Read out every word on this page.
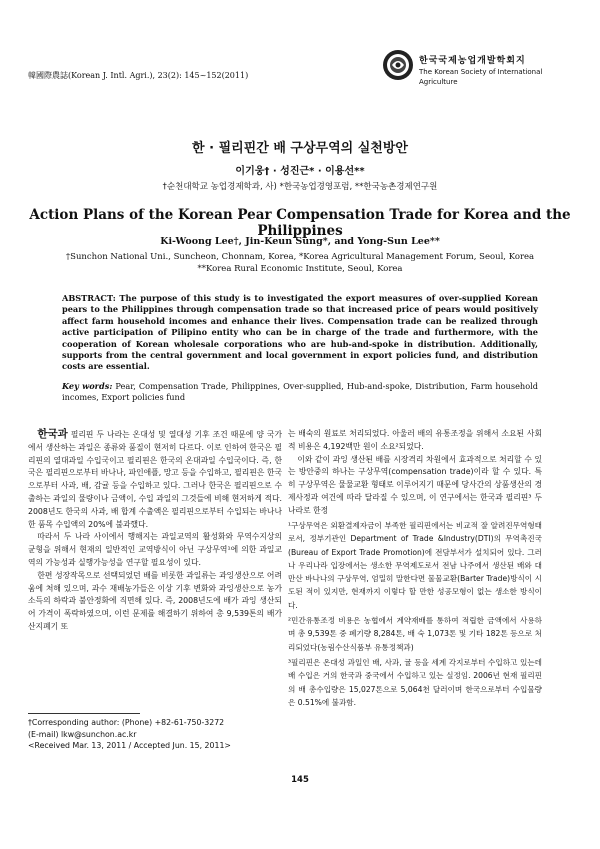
韓國際農誌(Korean J. Intl. Agri.), 23(2): 145~152(2011)
한국국제농업개발학회지
The Korean Society of International
Agriculture
한 · 필리핀간 배 구상무역의 실천방안
이기웅† · 성진근* · 이용선**
†순천대학교 농업경제학과, 사) *한국농업경영포럼, **한국농촌경제연구원
Action Plans of the Korean Pear Compensation Trade for Korea and the Philippines
Ki-Woong Lee†, Jin-Keun Sung*, and Yong-Sun Lee**
†Sunchon National Uni., Suncheon, Chonnam, Korea, *Korea Agricultural Management Forum, Seoul, Korea
**Korea Rural Economic Institute, Seoul, Korea

ABSTRACT: The purpose of this study is to investigated the export measures of over-supplied Korean pears to the Philippines through compensation trade so that increased price of pears would positively affect farm household incomes and enhance their lives. Compensation trade can be realized through active participation of Pilipino entity who can be in charge of the trade and furthermore, with the cooperation of Korean wholesale corporations who are hub-and-spoke in distribution. Additionally, supports from the central government and local government in export policies fund, and distribution costs are essential.

Key words: Pear, Compensation Trade, Philippines, Over-supplied, Hub-and-spoke, Distribution, Farm household incomes, Export policies fund

한국과 필리핀 두 나라는 온대성 및 열대성 기후 조건 때문에 양 국가에서 생산하는 과일은 종류와 품질이 현저히 다르다. 이로 인하여 한국은 필리핀의 열대과일 수입국이고 필리핀은 한국의 온대과일 수입국이다. 즉, 한국은 필리핀으로부터 바나나, 파인애플, 망고 등을 수입하고, 필리핀은 한국으로부터 사과, 배, 감귤 등을 수입하고 있다. 그러나 한국은 필리핀으로 수출하는 과일의 물량이나 금액이, 수입 과일의 그것들에 비해 현저하게 적다. 2008년도 한국의 사과, 배 합계 수출액은 필리핀으로부터 수입되는 바나나 한 품목 수입액의 20%에 불과했다.

따라서 두 나라 사이에서 행해지는 과일교역의 활성화와 무역수지상의 균형을 위해서 현재의 일반적인 교역방식이 아닌 구상무역¹에 의한 과일교역의 가능성과 실행가능성을 연구할 필요성이 있다.

한편 성장작목으로 선택되었던 배를 비롯한 과일류는 과잉생산으로 어려움에 처해 있으며, 과수 재배농가들은 이상 기후 변화와 과잉생산으로 농가소득의 하락과 불안정화에 직면해 있다. 즉, 2008년도에 배가 과잉 생산되어 가격이 폭락하였으며, 이런 문제를 해결하기 위하여 총 9,539톤의 배가 산지폐기 또

는 배숙의 원료로 처리되었다. 아울러 배의 유통조정을 위해서 소요된 사회적 비용은 4,192백만 원이 소요²되었다.

이와 같이 과잉 생산된 배를 시장격리 차원에서 효과적으로 처리할 수 있는 방안중의 하나는 구상무역(compensation trade)이라 할 수 있다. 특히 구상무역은 물물교환 형태로 이루어지기 때문에 당사간의 상품생산의 경제사정과 여건에 따라 달라질 수 있으며, 이 연구에서는 한국과 필리핀³ 두 나라로 한정

¹구상무역은 외환결제자금이 부족한 필리핀에서는 비교적 잘 알려진무역형태로서, 정부기관인 Department of Trade &Industry(DTI)의 무역촉진국(Bureau of Export Trade Promotion)에 전담부서가 설치되어 있다. 그러나 우리나라 입장에서는 생소한 무역제도로서 전남 나주에서 생산된 배와 대만산 바나나의 구상무역, 엄밀히 말한다면 물물교환(Barter Trade)방식이 시도된 적이 있지만, 현재까지 이렇다 할 만한 성공모형이 없는 생소한 방식이다.

²민간유통조정 비용은 농협에서 계약재배를 통하여 적립한 금액에서 사용하며 총 9,539톤 중 폐기량 8,284톤, 배 숙 1,073톤 및 기타 182톤 등으로 처리되었다(농림수산식품부 유통정책과)

³필리핀은 온대성 과일인 배, 사과, 귤 등을 세계 각지로부터 수입하고 있는데 배 수입은 거의 한국과 중국에서 수입하고 있는 실정임. 2006년 현재 필리핀의 배 총수입량은 15,027톤으로 5,064천 달러이며 한국으로부터 수입물량은 0.51%에 불과함.

†Corresponding author: (Phone) +82-61-750-3272
(E-mail) lkw@sunchon.ac.kr
<Received Mar. 13, 2011 / Accepted Jun. 15, 2011>
145
